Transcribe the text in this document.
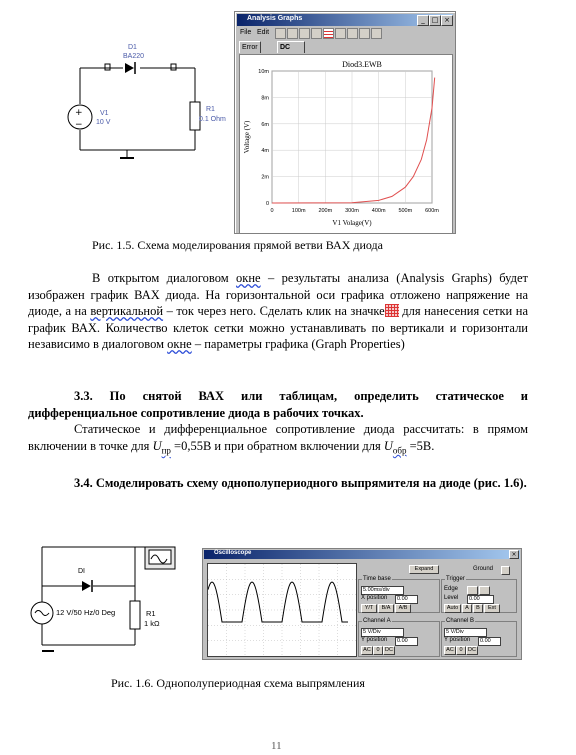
+
−
D1
BA220
V1
10 V
R1
0.1 Ohm
Analysis Graphs	_ □ ×
File Edit
Error	DC
0	100m 200m 300m 400m 500m 600m
0
2m
4m
6m
8m
10m
Diod3.EWB
V1 Volage(V)
Voltage (V)
Рис. 1.5. Схема моделирования прямой ветви ВАХ диода

В открытом диалоговом окне – результаты анализа (Analysis Graphs) будет изображен график ВАХ диода. На горизонтальной оси графика отложено напряжение на диоде, а на вертикальной – ток через него. Сделать клик на значке для нанесения сетки на график ВАХ. Количество клеток сетки можно устанавливать по вертикали и горизонтали независимо в диалоговом окне – параметры графика (Graph Properties)

3.3. По снятой ВАХ или таблицам, определить статическое и дифференциальное сопротивление диода в рабочих точках.

Статическое и дифференциальное сопротивление диода рассчитать: в прямом включении в точке для $U_{пр} =0,55В$ и при обратном включении для $U_{обр} =5В$.

3.4. Смоделировать схему однополупериодного выпрямителя на диоде (рис. 1.6).

DI
12 V/50 Hz/0 Deg	R1
1 kΩ
Oscilloscope	×
Expand	Ground
Time base
5.00ms/div
X position	0.00
Y/T	B/A	A/B
Trigger
Edge
Level	0.00
Auto	A	B	Ext
Channel A
5 V/Div
Y position	0.00
AC	0 DC
Channel B
5 V/Div
Y position	0.00
AC	0 DC
Рис. 1.6. Однополупериодная схема выпрямления
11
